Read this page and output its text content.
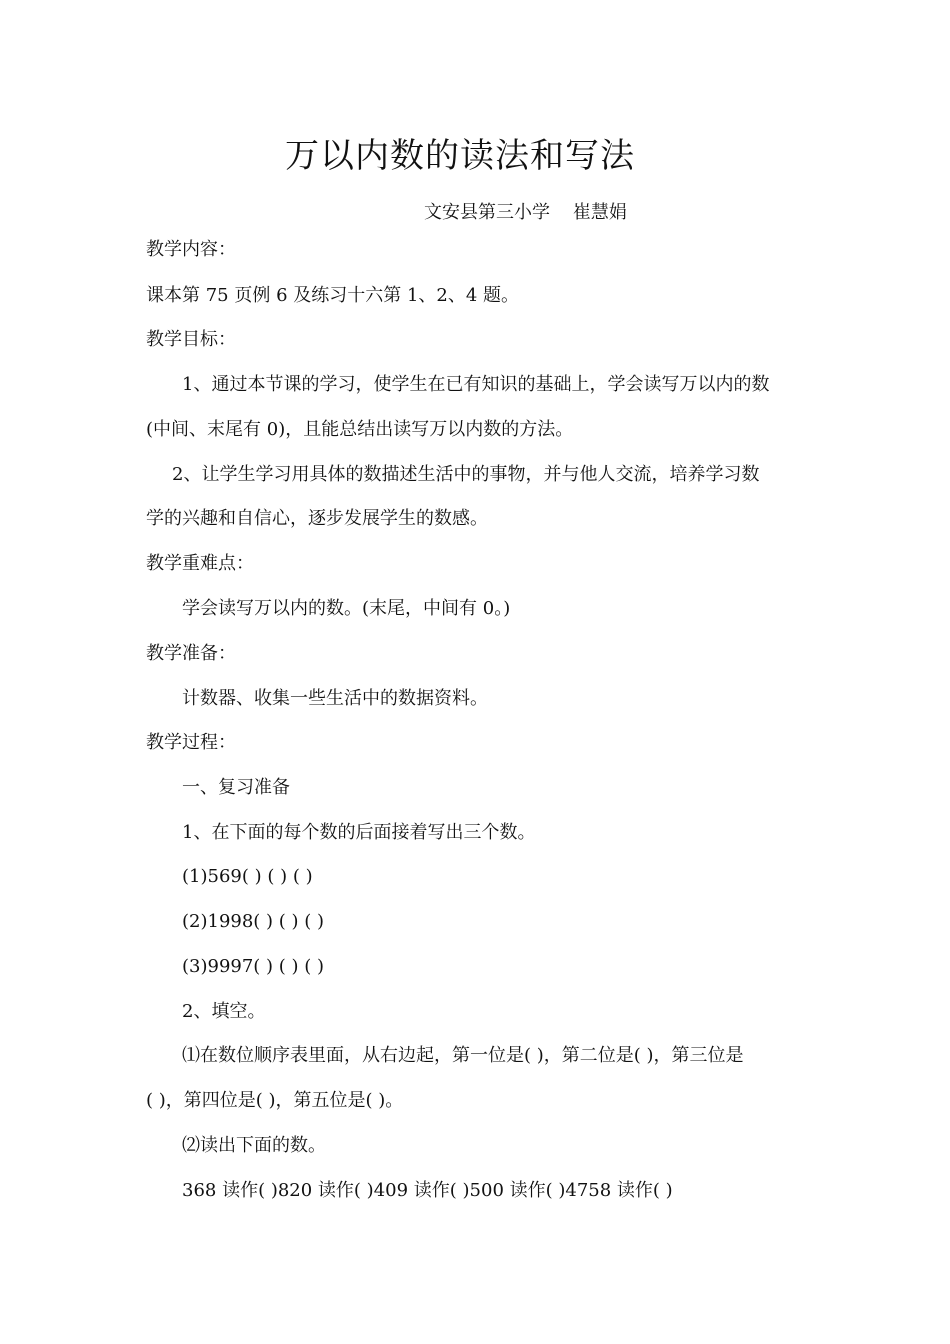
万以内数的读法和写法
文安县第三小学    崔慧娟
教学内容：
课本第 75 页例 6 及练习十六第 1、2、4 题。
教学目标：
1、通过本节课的学习，使学生在已有知识的基础上，学会读写万以内的数
(中间、末尾有 0)，且能总结出读写万以内数的方法。
2、让学生学习用具体的数描述生活中的事物，并与他人交流，培养学习数
学的兴趣和自信心，逐步发展学生的数感。
教学重难点：
学会读写万以内的数。(末尾，中间有 0。)
教学准备：
计数器、收集一些生活中的数据资料。
教学过程：
一、复习准备
1、在下面的每个数的后面接着写出三个数。
(1)569( ) ( ) ( )
(2)1998( ) ( ) ( )
(3)9997( ) ( ) ( )
2、填空。
⑴在数位顺序表里面，从右边起，第一位是( )，第二位是( )，第三位是
( )，第四位是( )，第五位是( )。
⑵读出下面的数。
368 读作( )820 读作( )409 读作( )500 读作( )4758 读作( )
